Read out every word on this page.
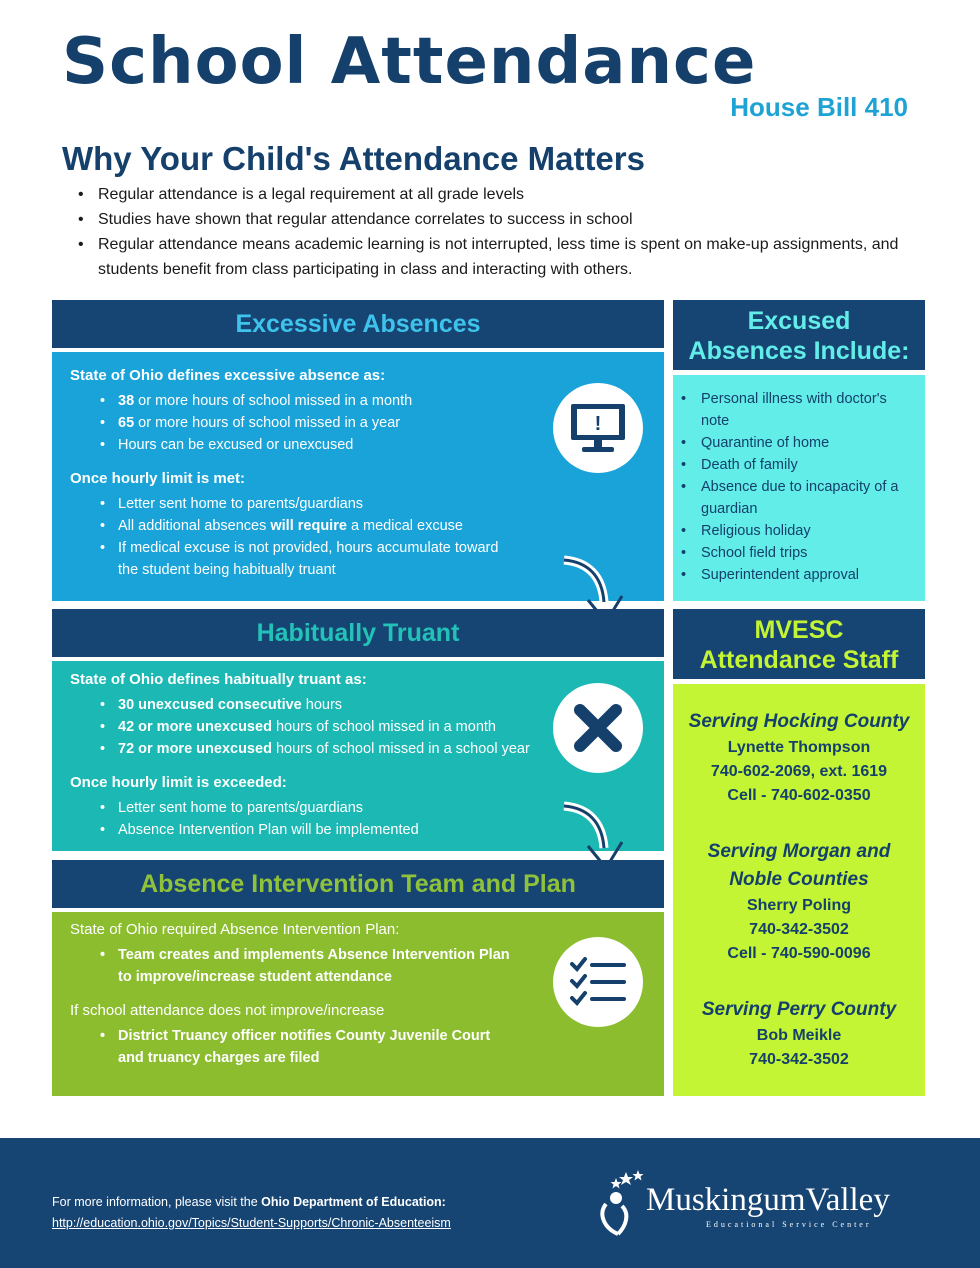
School Attendance
House Bill 410
Why Your Child's Attendance Matters
• Regular attendance is a legal requirement at all grade levels
• Studies have shown that regular attendance correlates to success in school
• Regular attendance means academic learning is not interrupted, less time is spent on make-up assignments, and students benefit from class participating in class and interacting with others.
Excessive Absences
State of Ohio defines excessive absence as:
• 38 or more hours of school missed in a month
• 65 or more hours of school missed in a year
• Hours can be excused or unexcused
Once hourly limit is met:
• Letter sent home to parents/guardians
• All additional absences will require a medical excuse
• If medical excuse is not provided, hours accumulate toward the student being habitually truant
!
Habitually Truant
State of Ohio defines habitually truant as:
• 30 unexcused consecutive hours
• 42 or more unexcused hours of school missed in a month
• 72 or more unexcused hours of school missed in a school year
Once hourly limit is exceeded:
• Letter sent home to parents/guardians
• Absence Intervention Plan will be implemented
Absence Intervention Team and Plan
State of Ohio required Absence Intervention Plan:
• Team creates and implements Absence Intervention Plan to improve/increase student attendance
If school attendance does not improve/increase
• District Truancy officer notifies County Juvenile Court and truancy charges are filed
Excused
Absences Include:
• Personal illness with doctor's note
• Quarantine of home
• Death of family
• Absence due to incapacity of a guardian
• Religious holiday
• School field trips
• Superintendent approval
MVESC
Attendance Staff
Serving Hocking County
Lynette Thompson
740-602-2069, ext. 1619
Cell - 740-602-0350
Serving Morgan and
Noble Counties
Sherry Poling
740-342-3502
Cell - 740-590-0096
Serving Perry County
Bob Meikle
740-342-3502
For more information, please visit the Ohio Department of Education:
http://education.ohio.gov/Topics/Student-Supports/Chronic-Absenteeism
MuskingumValley
Educational Service Center
